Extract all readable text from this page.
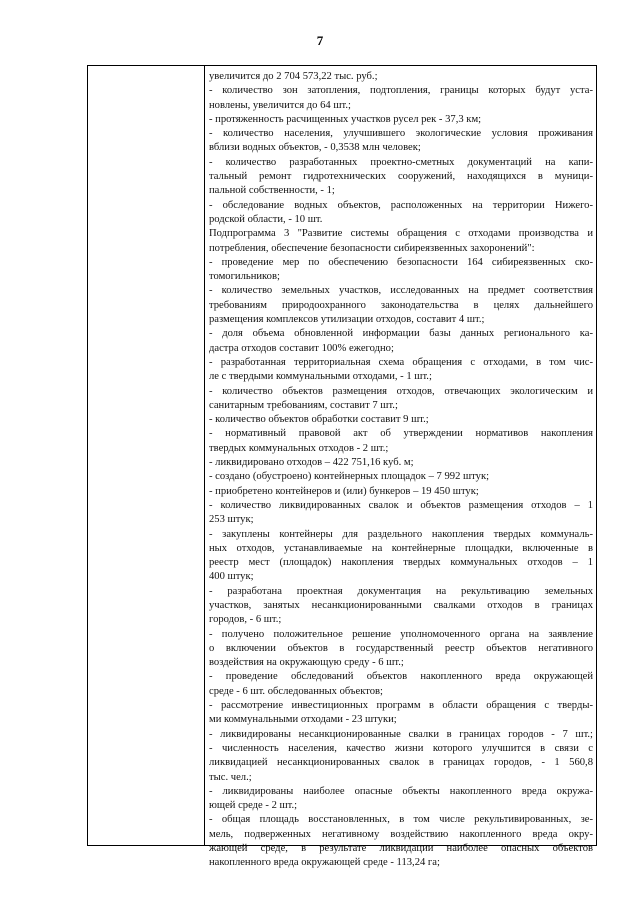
7
увеличится до 2 704 573,22 тыс. руб.;
- количество зон затопления, подтопления, границы которых будут уста-
новлены, увеличится до 64 шт.;
- протяженность расчищенных участков русел рек - 37,3 км;
- количество населения, улучшившего экологические условия проживания
вблизи водных объектов, - 0,3538 млн человек;
- количество разработанных проектно-сметных документаций на капи-
тальный ремонт гидротехнических сооружений, находящихся в муници-
пальной собственности, - 1;
- обследование водных объектов, расположенных на территории Нижего-
родской области, - 10 шт.
Подпрограмма 3 "Развитие системы обращения с отходами производства и
потребления, обеспечение безопасности сибиреязвенных захоронений":
- проведение мер по обеспечению безопасности 164 сибиреязвенных ско-
томогильников;
- количество земельных участков, исследованных на предмет соответствия
требованиям природоохранного законодательства в целях дальнейшего
размещения комплексов утилизации отходов, составит 4 шт.;
- доля объема обновленной информации базы данных регионального ка-
дастра отходов составит 100% ежегодно;
- разработанная территориальная схема обращения с отходами, в том чис-
ле с твердыми коммунальными отходами, - 1 шт.;
- количество объектов размещения отходов, отвечающих экологическим и
санитарным требованиям, составит 7 шт.;
- количество объектов обработки составит 9 шт.;
- нормативный правовой акт об утверждении нормативов накопления
твердых коммунальных отходов - 2 шт.;
- ликвидировано отходов – 422 751,16 куб. м;
- создано (обустроено) контейнерных площадок – 7 992 штук;
- приобретено контейнеров и (или) бункеров – 19 450 штук;
- количество ликвидированных свалок и объектов размещения отходов – 1
253 штук;
- закуплены контейнеры для раздельного накопления твердых коммуналь-
ных отходов, устанавливаемые на контейнерные площадки, включенные в
реестр мест (площадок) накопления твердых коммунальных отходов – 1
400 штук;
- разработана проектная документация на рекультивацию земельных
участков, занятых несанкционированными свалками отходов в границах
городов, - 6 шт.;
- получено положительное решение уполномоченного органа на заявление
о включении объектов в государственный реестр объектов негативного
воздействия на окружающую среду - 6 шт.;
- проведение обследований объектов накопленного вреда окружающей
среде - 6 шт. обследованных объектов;
- рассмотрение инвестиционных программ в области обращения с тверды-
ми коммунальными отходами - 23 штуки;
- ликвидированы несанкционированные свалки в границах городов - 7 шт.;
- численность населения, качество жизни которого улучшится в связи с
ликвидацией несанкционированных свалок в границах городов, - 1 560,8
тыс. чел.;
- ликвидированы наиболее опасные объекты накопленного вреда окружа-
ющей среде - 2 шт.;
- общая площадь восстановленных, в том числе рекультивированных, зе-
мель, подверженных негативному воздействию накопленного вреда окру-
жающей среде, в результате ликвидации наиболее опасных объектов
накопленного вреда окружающей среде - 113,24 га;
